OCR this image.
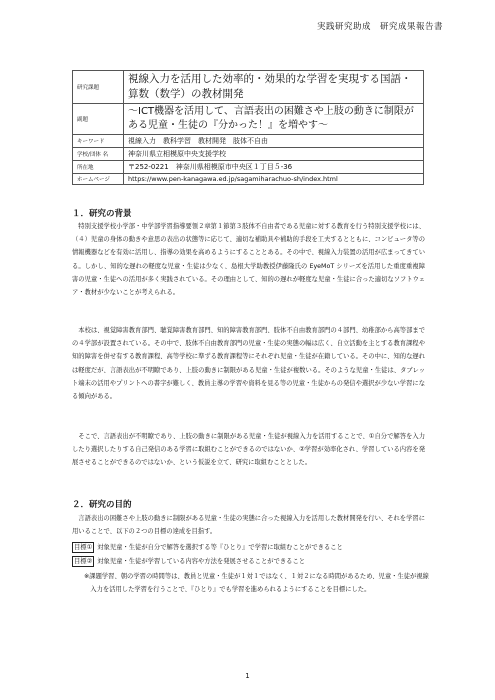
実践研究助成　研究成果報告書
研究課題	視線入力を活用した効率的・効果的な学習を実現する国語・算数（数学）の教材開発
副題	～ICT機器を活用して、言語表出の困難さや上肢の動きに制限がある児童・生徒の『分かった！』を増やす～
キーワード	視線入力　教科学習　教材開発　肢体不自由
学校/団体 名	神奈川県立相模原中央支援学校
所在地	〒252-0221　神奈川県相模原市中央区１丁目５-36
ホームページ	https://www.pen-kanagawa.ed.jp/sagamiharachuo-sh/index.html
１．研究の背景
特別支援学校小学部・中学部学習指導要領２章第１節第３肢体不自由者である児童に対する教育を行う特別支援学校には、（４）児童の身体の動きや意思の表出の状態等に応じて、適切な補助具や補助的手段を工夫するとともに、コンピュータ等の情報機器などを有効に活用し、指導の効果を高めるようにすることとある。その中で、視線入力装置の活用が広まってきている。しかし、知的な遅れの軽度な児童・生徒は少なく、島根大学助教授伊藤隆氏の EyeMoT シリーズを活用した重度重複障害の児童・生徒への活用が多く実践されている。その理由として、知的の遅れが軽度な児童・生徒に合った適切なソフトウェア・教材が少ないことが考えられる。
本校は、視覚障害教育部門、聴覚障害教育部門、知的障害教育部門、肢体不自由教育部門の４部門、幼稚部から高等部までの４学部が設置されている。その中で、肢体不自由教育部門の児童・生徒の実態の幅は広く、自立活動を主とする教育課程や知的障害を併せ有する教育課程、高等学校に準ずる教育課程等にそれぞれ児童・生徒が在籍している。その中に、知的な遅れは軽度だが、言語表出が不明瞭であり、上肢の動きに制限がある児童・生徒が複数いる。そのような児童・生徒は、タブレット端末の活用やプリントへの書字が難しく、教員主導の学習や資料を見る等の児童・生徒からの発信や選択が少ない学習になる傾向がある。
そこで、言語表出が不明瞭であり、上肢の動きに制限がある児童・生徒が視線入力を活用することで、①自分で解答を入力したり選択したりする自己発信のある学習に取組むことができるのではないか、②学習が効率化され、学習している内容を発展させることができるのではないか、という仮説を立て、研究に取組むこととした。
２．研究の目的
言語表出の困難さや上肢の動きに制限がある児童・生徒の実態に合った視線入力を活用した教材開発を行い、それを学習に用いることで、以下の２つの目標の達成を目指す。
目標① 対象児童・生徒が自分で解答を選択する等『ひとり』で学習に取組むことができること
目標② 対象児童・生徒が学習している内容や方法を発展させることができること
※課題学習、朝の学習の時間等は、教員と児童・生徒が１対１ではなく、１対２になる時間があるため、児童・生徒が視線入力を活用した学習を行うことで、『ひとり』でも学習を進められるようにすることを目標にした。
1
